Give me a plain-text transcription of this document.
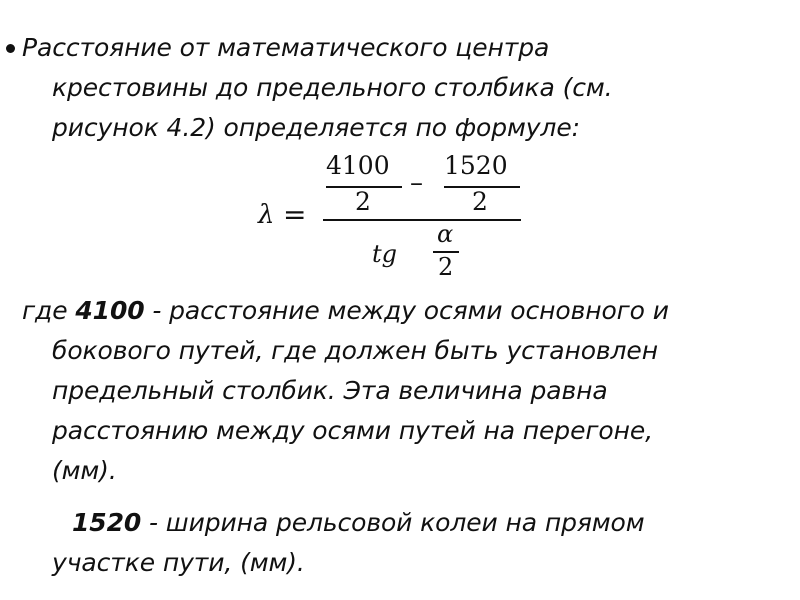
Расстояние от математического центра
крестовины до предельного столбика (см.
рисунок 4.2) определяется по формуле:
λ =
4100
2
–
1520
2
tg
α
2
где 4100 - расстояние между осями основного и
бокового путей, где должен быть установлен
предельный столбик. Эта величина равна
расстоянию между осями путей на перегоне,
(мм).
1520 - ширина рельсовой колеи на прямом
участке пути, (мм).
